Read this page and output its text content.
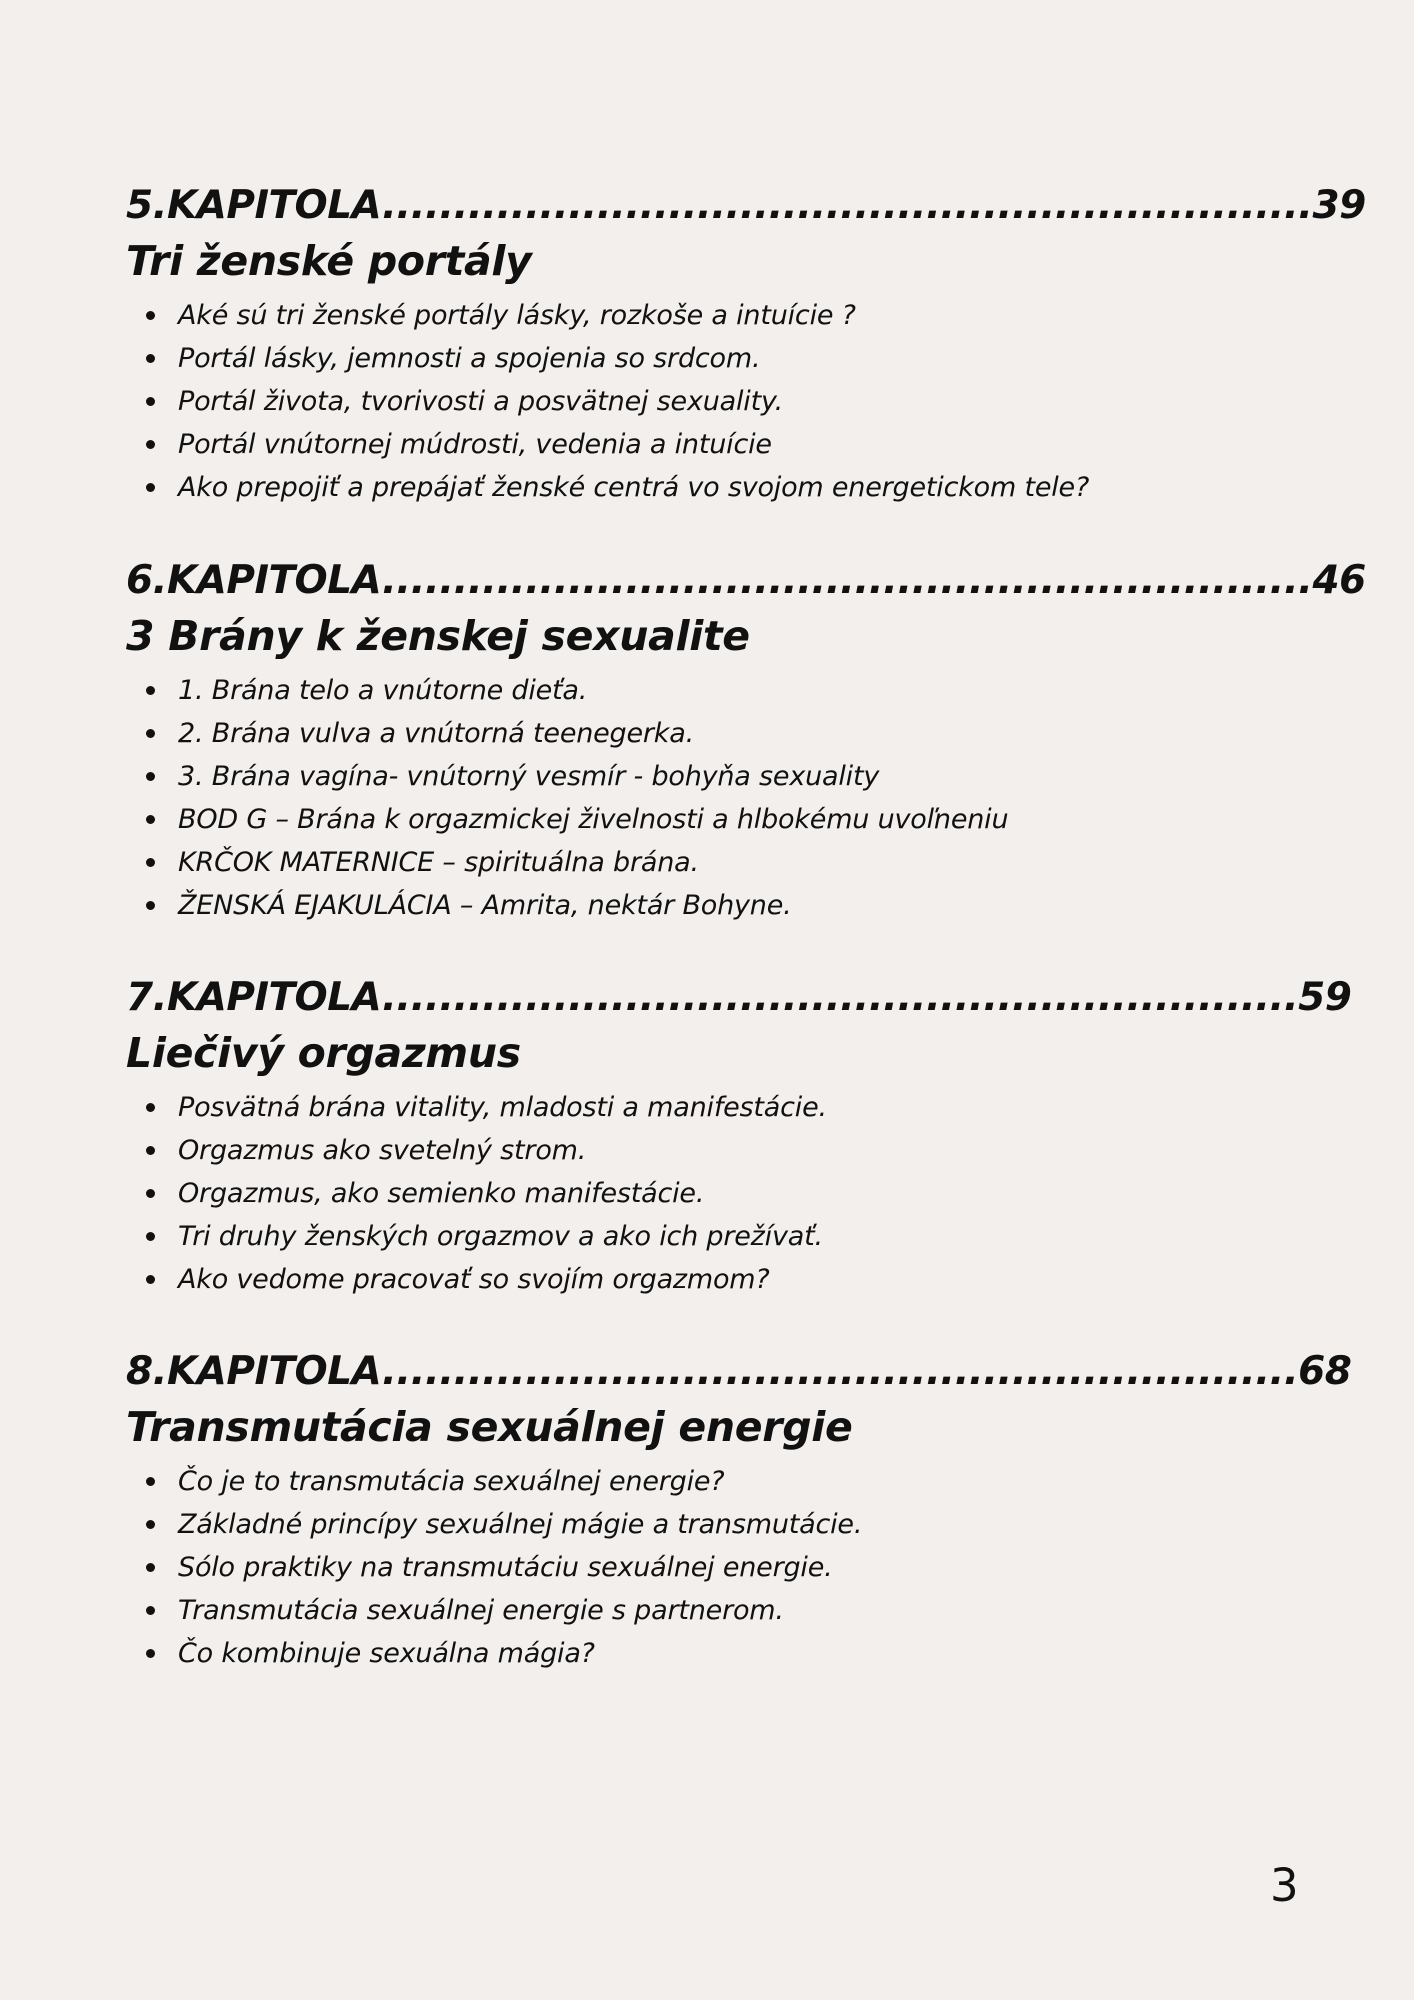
5.KAPITOLA.................................................................39
Tri ženské portály
Aké sú tri ženské portály lásky, rozkoše a intuície ?
Portál lásky, jemnosti a spojenia so srdcom.
Portál života, tvorivosti a posvätnej sexuality.
Portál vnútornej múdrosti, vedenia a intuície
Ako prepojiť a prepájať ženské centrá vo svojom energetickom tele?
6.KAPITOLA.................................................................46
3 Brány k ženskej sexualite
1. Brána telo a vnútorne dieťa.
2. Brána vulva a vnútorná teenegerka.
3. Brána vagína- vnútorný vesmír - bohyňa sexuality
BOD G – Brána k orgazmickej živelnosti a hlbokému uvoľneniu
KRČOK MATERNICE – spirituálna brána.
ŽENSKÁ EJAKULÁCIA – Amrita, nektár Bohyne.
7.KAPITOLA................................................................59
Liečivý orgazmus
Posvätná brána vitality, mladosti a manifestácie.
Orgazmus ako svetelný strom.
Orgazmus, ako semienko manifestácie.
Tri druhy ženských orgazmov a ako ich prežívať.
Ako vedome pracovať so svojím orgazmom?
8.KAPITOLA................................................................68
Transmutácia sexuálnej energie
Čo je to transmutácia sexuálnej energie?
Základné princípy sexuálnej mágie a transmutácie.
Sólo praktiky na transmutáciu sexuálnej energie.
Transmutácia sexuálnej energie s partnerom.
Čo kombinuje sexuálna mágia?
3
